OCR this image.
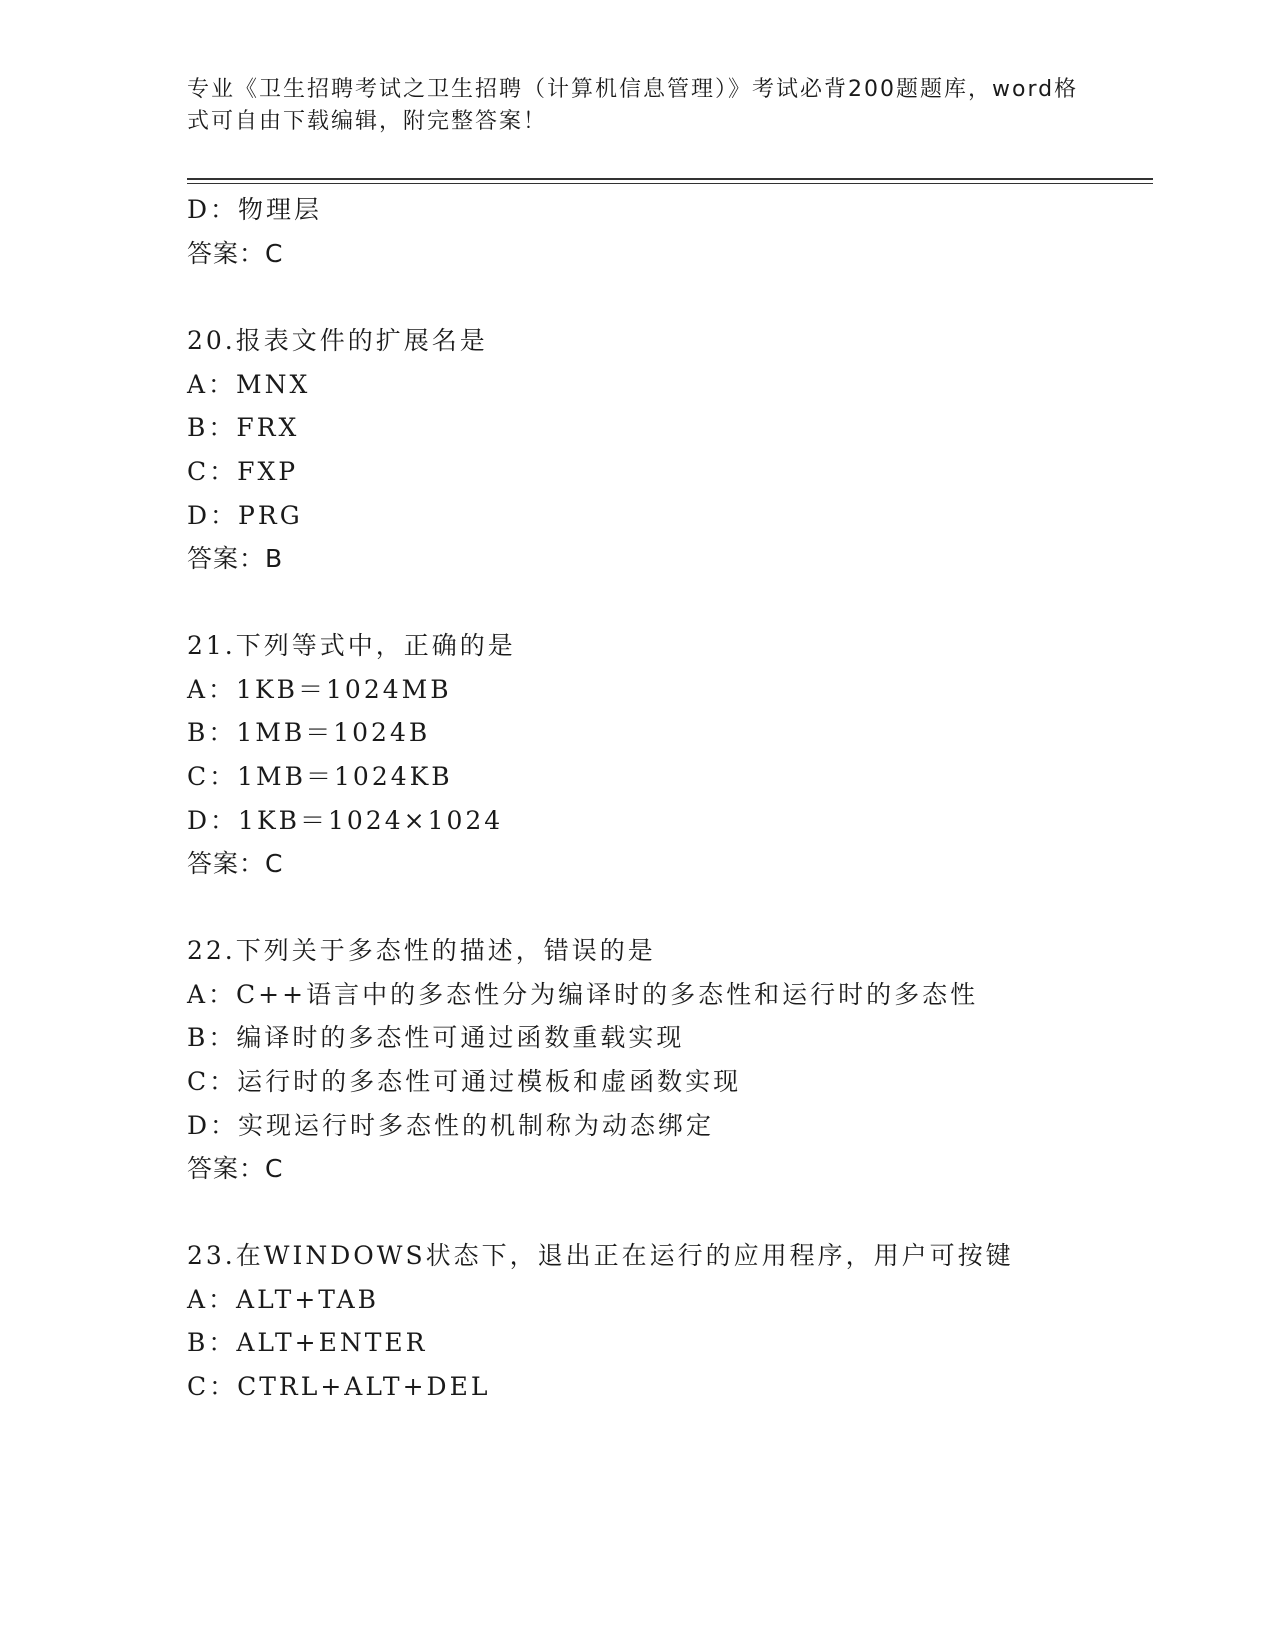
专业《卫生招聘考试之卫生招聘（计算机信息管理）》考试必背200题题库，word格式可自由下载编辑，附完整答案！
D：物理层
答案：C
20.报表文件的扩展名是
A：MNX
B：FRX
C：FXP
D：PRG
答案：B
21.下列等式中，正确的是
A：1KB＝1024MB
B：1MB＝1024B
C：1MB＝1024KB
D：1KB＝1024×1024
答案：C
22.下列关于多态性的描述，错误的是
A：C++语言中的多态性分为编译时的多态性和运行时的多态性
B：编译时的多态性可通过函数重载实现
C：运行时的多态性可通过模板和虚函数实现
D：实现运行时多态性的机制称为动态绑定
答案：C
23.在WINDOWS状态下，退出正在运行的应用程序，用户可按键
A：ALT+TAB
B：ALT+ENTER
C：CTRL+ALT+DEL
